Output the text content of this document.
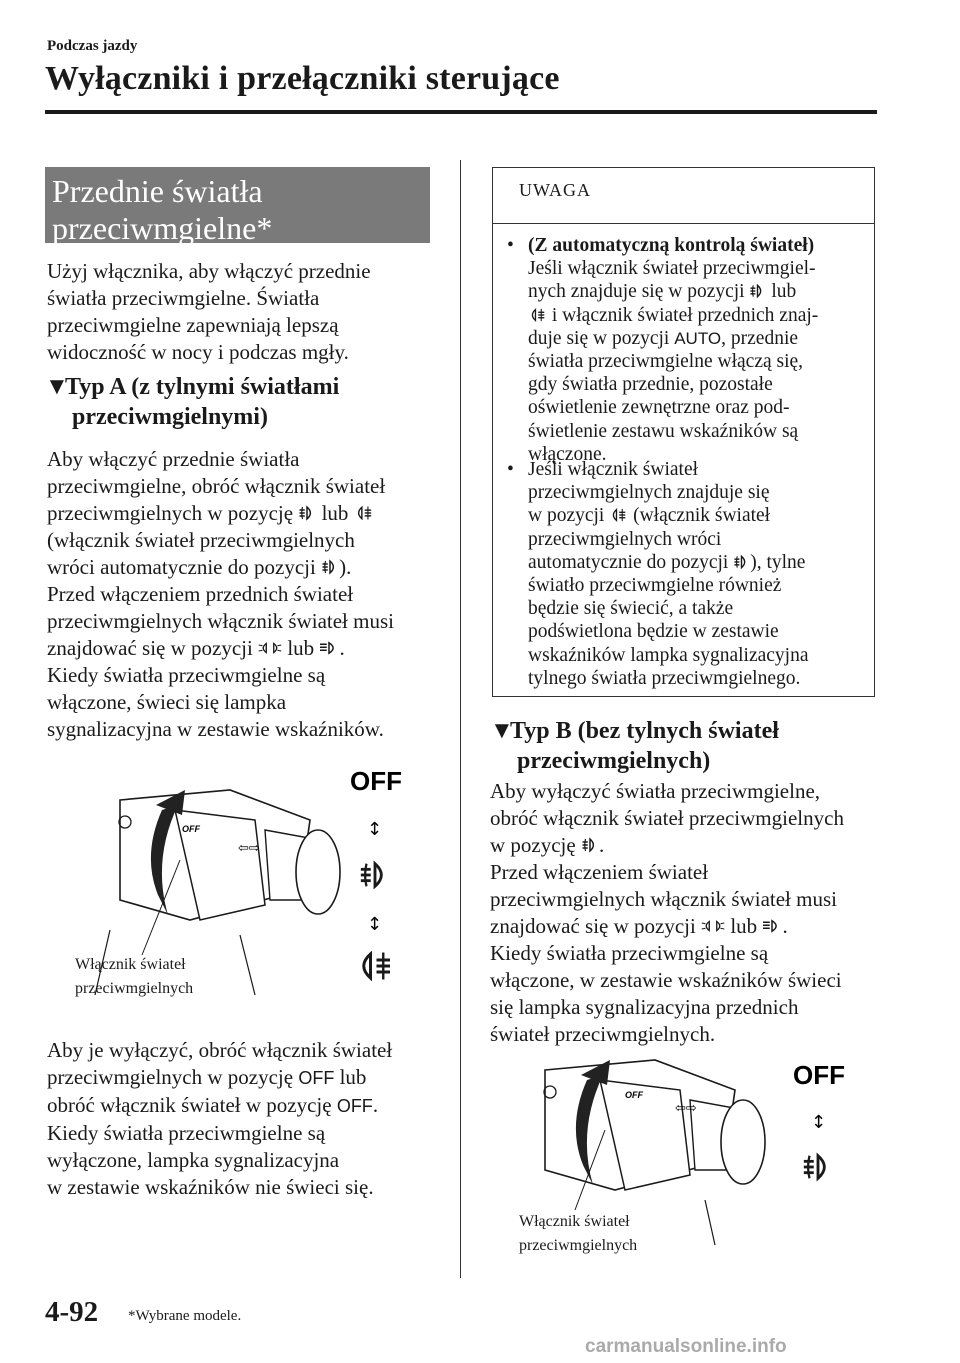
Podczas jazdy
Wyłączniki i przełączniki sterujące
Przednie światła
przeciwmgielne*
Użyj włącznika, aby włączyć przednie
światła przeciwmgielne. Światła
przeciwmgielne zapewniają lepszą
widoczność w nocy i podczas mgły.
▼Typ A (z tylnymi światłami
przeciwmgielnymi)
Aby włączyć przednie światła
przeciwmgielne, obróć włącznik świateł
przeciwmgielnych w pozycję  lub
(włącznik świateł przeciwmgielnych
wróci automatycznie do pozycji ).
Przed włączeniem przednich świateł
przeciwmgielnych włącznik świateł musi
znajdować się w pozycji  lub .
Kiedy światła przeciwmgielne są
włączone, świeci się lampka
sygnalizacyjna w zestawie wskaźników.
OFF
⇦⇨
OFF
↕
↕
Włącznik świateł
przeciwmgielnych
Aby je wyłączyć, obróć włącznik świateł
przeciwmgielnych w pozycję OFF lub
obróć włącznik świateł w pozycję OFF.
Kiedy światła przeciwmgielne są
wyłączone, lampka sygnalizacyjna
w zestawie wskaźników nie świeci się.
UWAGA
• (Z automatyczną kontrolą świateł)
Jeśli włącznik świateł przeciwmgiel-
nych znajduje się w pozycji  lub
i włącznik świateł przednich znaj-
duje się w pozycji AUTO, przednie
światła przeciwmgielne włączą się,
gdy światła przednie, pozostałe
oświetlenie zewnętrzne oraz pod-
świetlenie zestawu wskaźników są
włączone.
• Jeśli włącznik świateł
przeciwmgielnych znajduje się
w pozycji  (włącznik świateł
przeciwmgielnych wróci
automatycznie do pozycji ), tylne
światło przeciwmgielne również
będzie się świecić, a także
podświetlona będzie w zestawie
wskaźników lampka sygnalizacyjna
tylnego światła przeciwmgielnego.
▼Typ B (bez tylnych świateł
przeciwmgielnych)
Aby wyłączyć światła przeciwmgielne,
obróć włącznik świateł przeciwmgielnych
w pozycję .
Przed włączeniem świateł
przeciwmgielnych włącznik świateł musi
znajdować się w pozycji  lub .
Kiedy światła przeciwmgielne są
włączone, w zestawie wskaźników świeci
się lampka sygnalizacyjna przednich
świateł przeciwmgielnych.
OFF
⇦⇨
OFF
↕
Włącznik świateł
przeciwmgielnych
4-92 *Wybrane modele.
carmanualsonline.info
